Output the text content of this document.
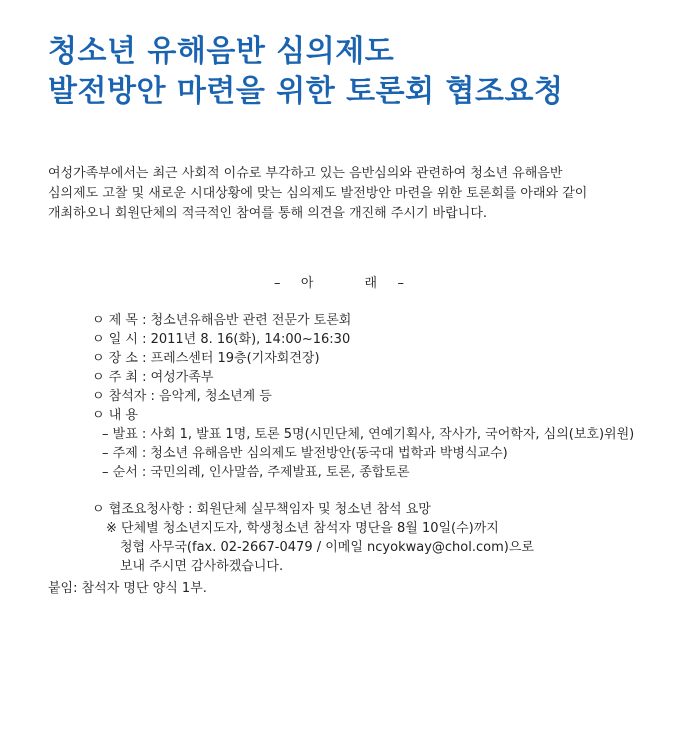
청소년 유해음반 심의제도
발전방안 마련을 위한 토론회 협조요청
여성가족부에서는 최근 사회적 이슈로 부각하고 있는 음반심의와 관련하여 청소년 유해음반
심의제도 고찰 및 새로운 시대상황에 맞는 심의제도 발전방안 마련을 위한 토론회를 아래와 같이
개최하오니 회원단체의 적극적인 참여를 통해 의견을 개진해 주시기 바랍니다.
–   아        래   –
ㅇ 제 목 : 청소년유해음반 관련 전문가 토론회
ㅇ 일 시 : 2011년 8. 16(화), 14:00~16:30
ㅇ 장 소 : 프레스센터 19층(기자회견장)
ㅇ 주 최 : 여성가족부
ㅇ 참석자 : 음악계, 청소년계 등
ㅇ 내 용
– 발표 : 사회 1, 발표 1명, 토론 5명(시민단체, 연예기획사, 작사가, 국어학자, 심의(보호)위원)
– 주제 : 청소년 유해음반 심의제도 발전방안(동국대 법학과 박병식교수)
– 순서 : 국민의례, 인사말씀, 주제발표, 토론, 종합토론
ㅇ 협조요청사항 : 회원단체 실무책임자 및 청소년 참석 요망
※ 단체별 청소년지도자, 학생청소년 참석자 명단을 8월 10일(수)까지
청협 사무국(fax. 02-2667-0479 / 이메일 ncyokway@chol.com)으로
보내 주시면 감사하겠습니다.
붙임: 참석자 명단 양식 1부.
